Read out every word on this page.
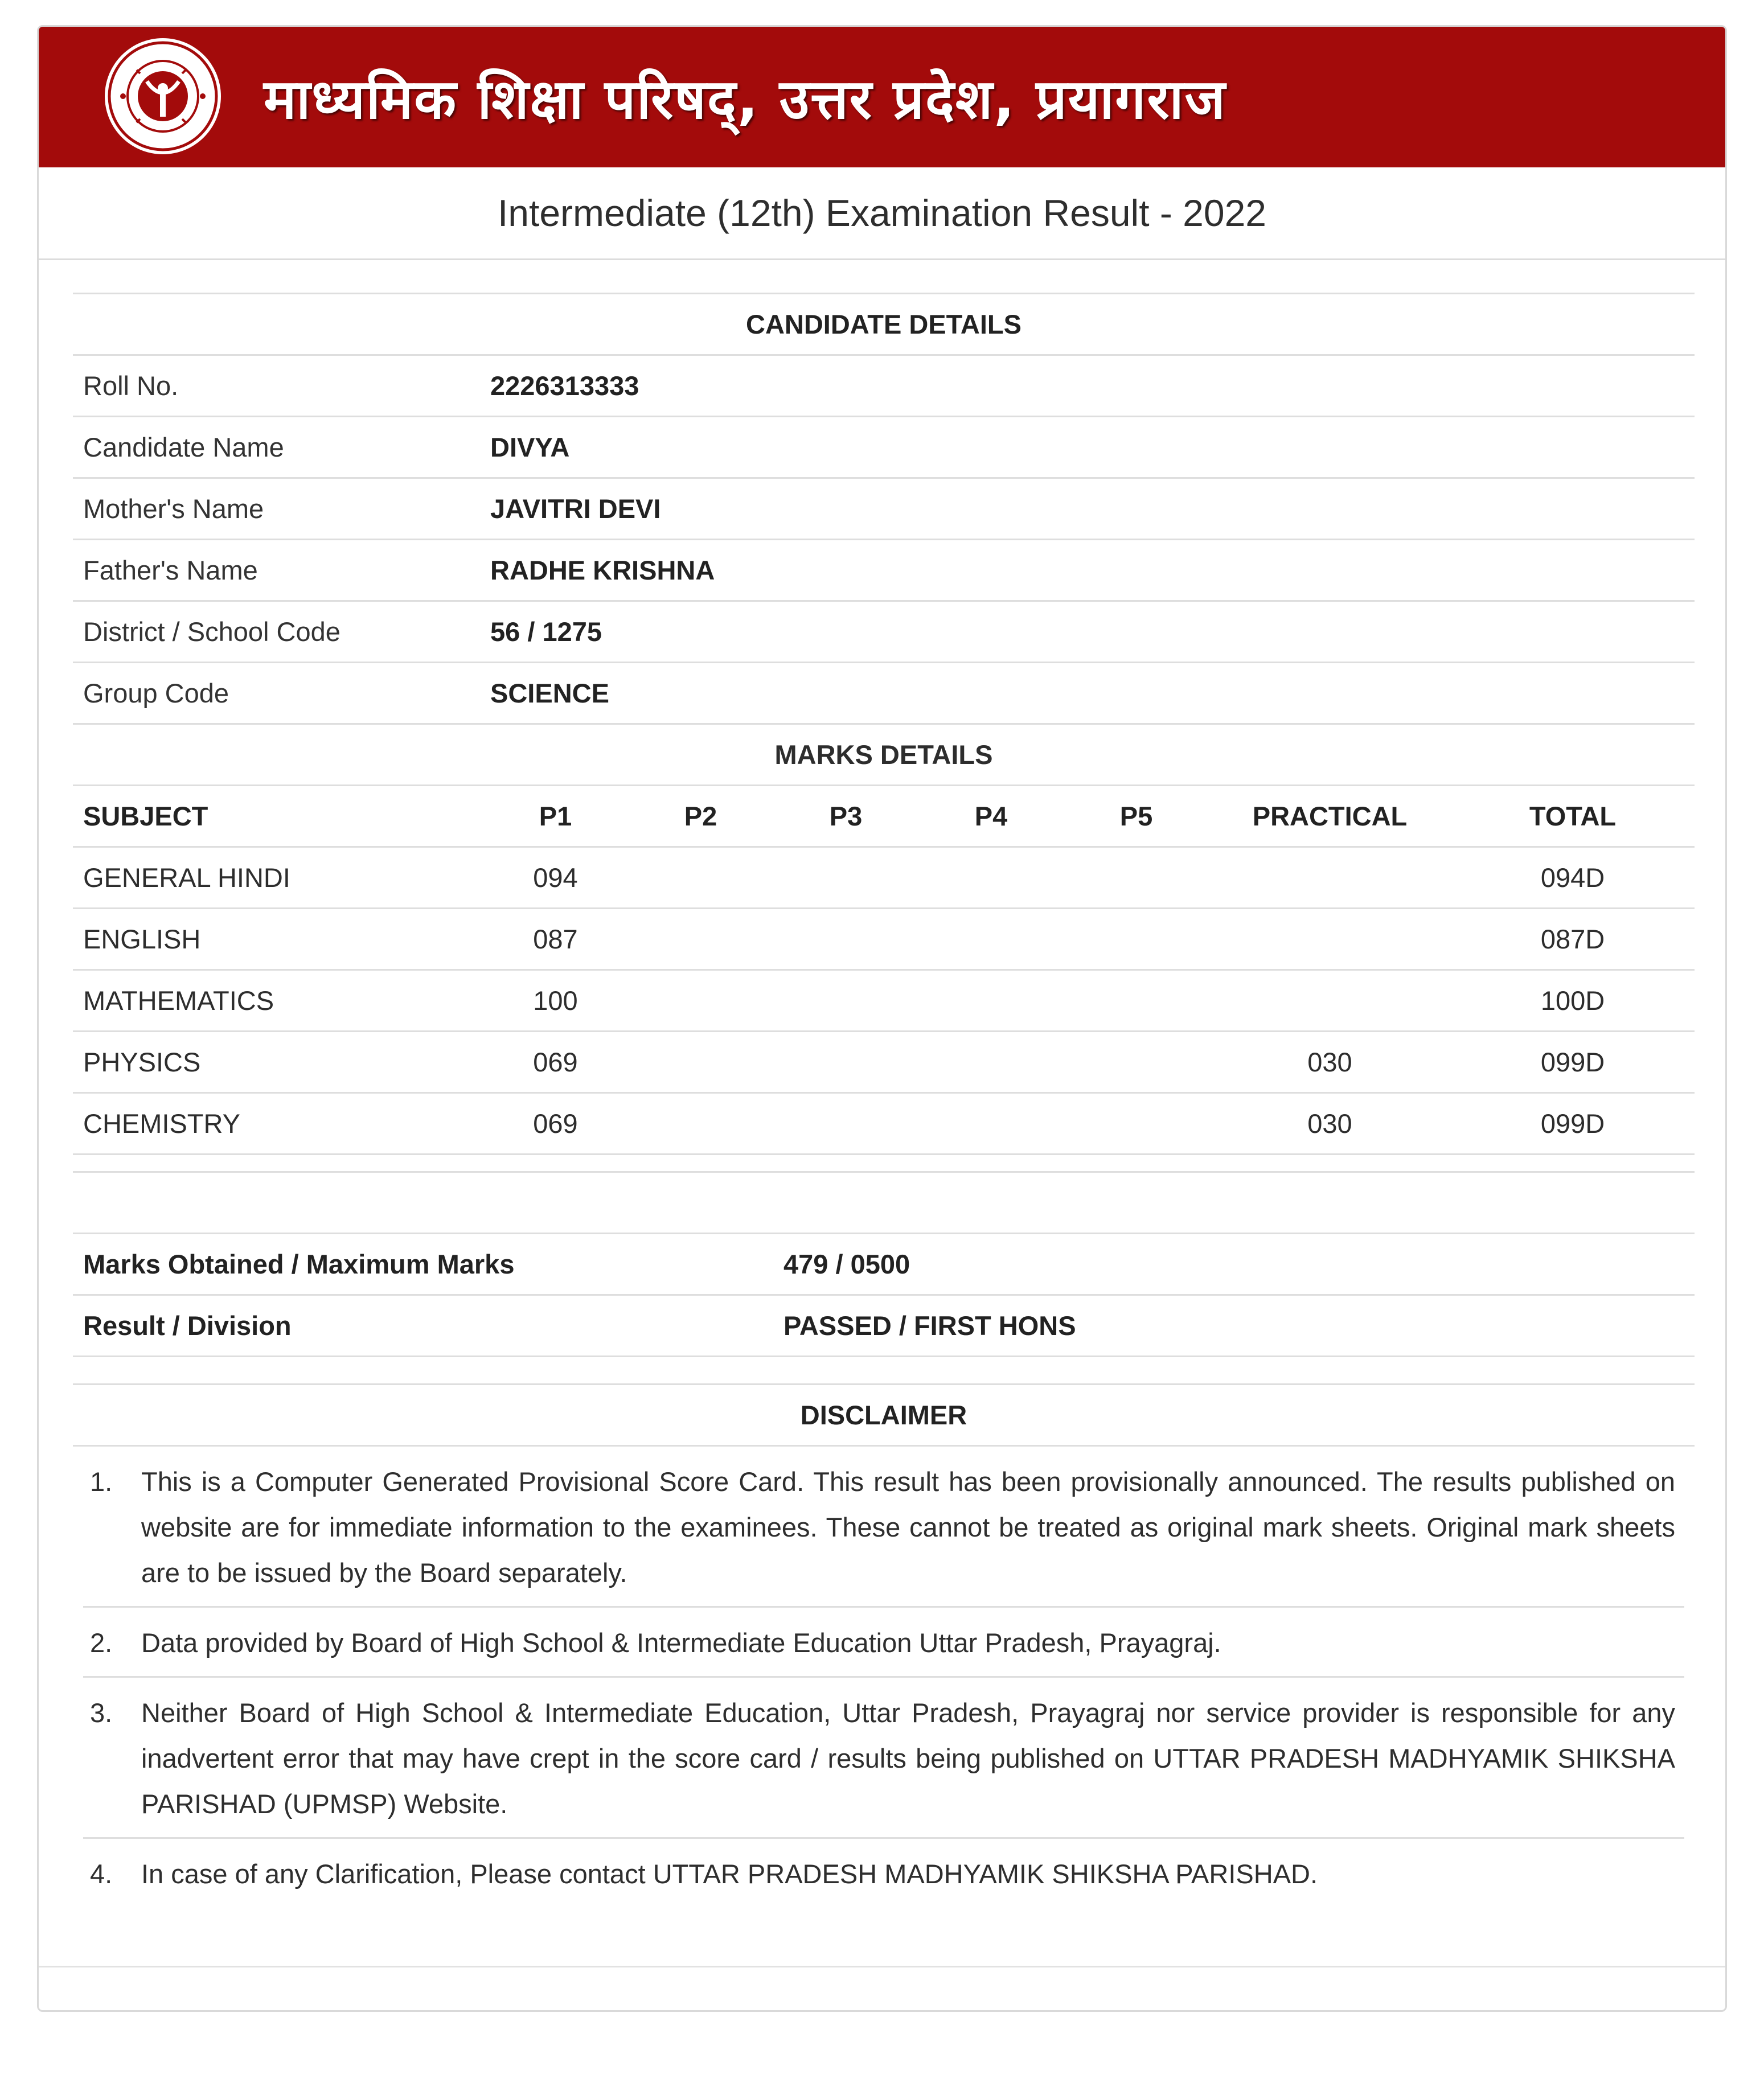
माध्यमिक शिक्षा परिषद्, उत्तर प्रदेश, प्रयागराज
Intermediate (12th) Examination Result - 2022
CANDIDATE DETAILS	
Roll No.	2226313333
Candidate Name	DIVYA
Mother's Name	JAVITRI DEVI
Father's Name	RADHE KRISHNA
District / School Code	56 / 1275
Group Code	SCIENCE
MARKS DETAILS							
SUBJECT	P1	P2	P3	P4	P5	PRACTICAL	TOTAL
GENERAL HINDI	094						094D
ENGLISH	087						087D
MATHEMATICS	100						100D
PHYSICS	069					030	099D
CHEMISTRY	069					030	099D
Marks Obtained / Maximum Marks	479 / 0500
Result / Division	PASSED / FIRST HONS
DISCLAIMER
1.	This is a Computer Generated Provisional Score Card. This result has been provisionally announced. The results published on website are for immediate information to the examinees. These cannot be treated as original mark sheets. Original mark sheets are to be issued by the Board separately.
2.	Data provided by Board of High School & Intermediate Education Uttar Pradesh, Prayagraj.
3.	Neither Board of High School & Intermediate Education, Uttar Pradesh, Prayagraj nor service provider is responsible for any inadvertent error that may have crept in the score card / results being published on UTTAR PRADESH MADHYAMIK SHIKSHA PARISHAD (UPMSP) Website.
4.	In case of any Clarification, Please contact UTTAR PRADESH MADHYAMIK SHIKSHA PARISHAD.
